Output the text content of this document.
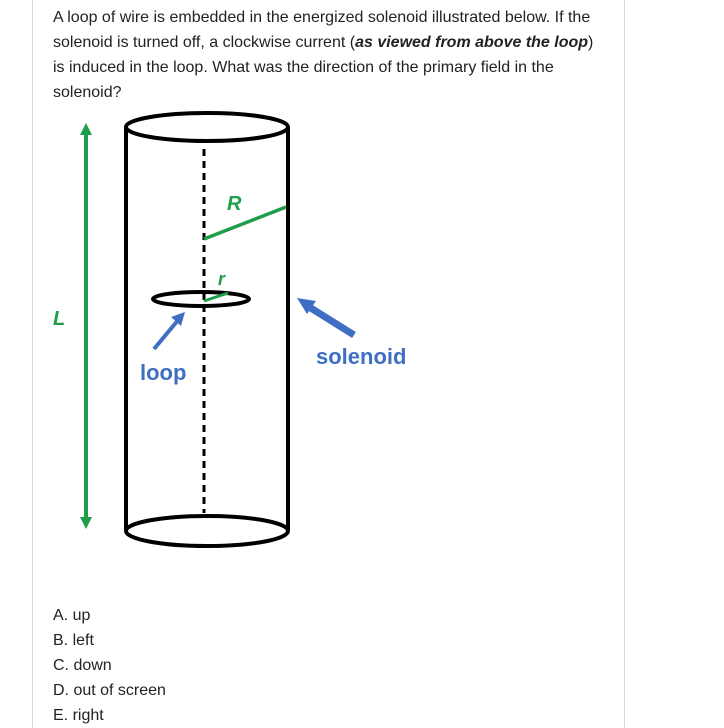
A loop of wire is embedded in the energized solenoid illustrated below. If the solenoid is turned off, a clockwise current (as viewed from above the loop) is induced in the loop. What was the direction of the primary field in the solenoid?

L
R
r
loop
solenoid
A. up
B. left
C. down
D. out of screen
E. right
